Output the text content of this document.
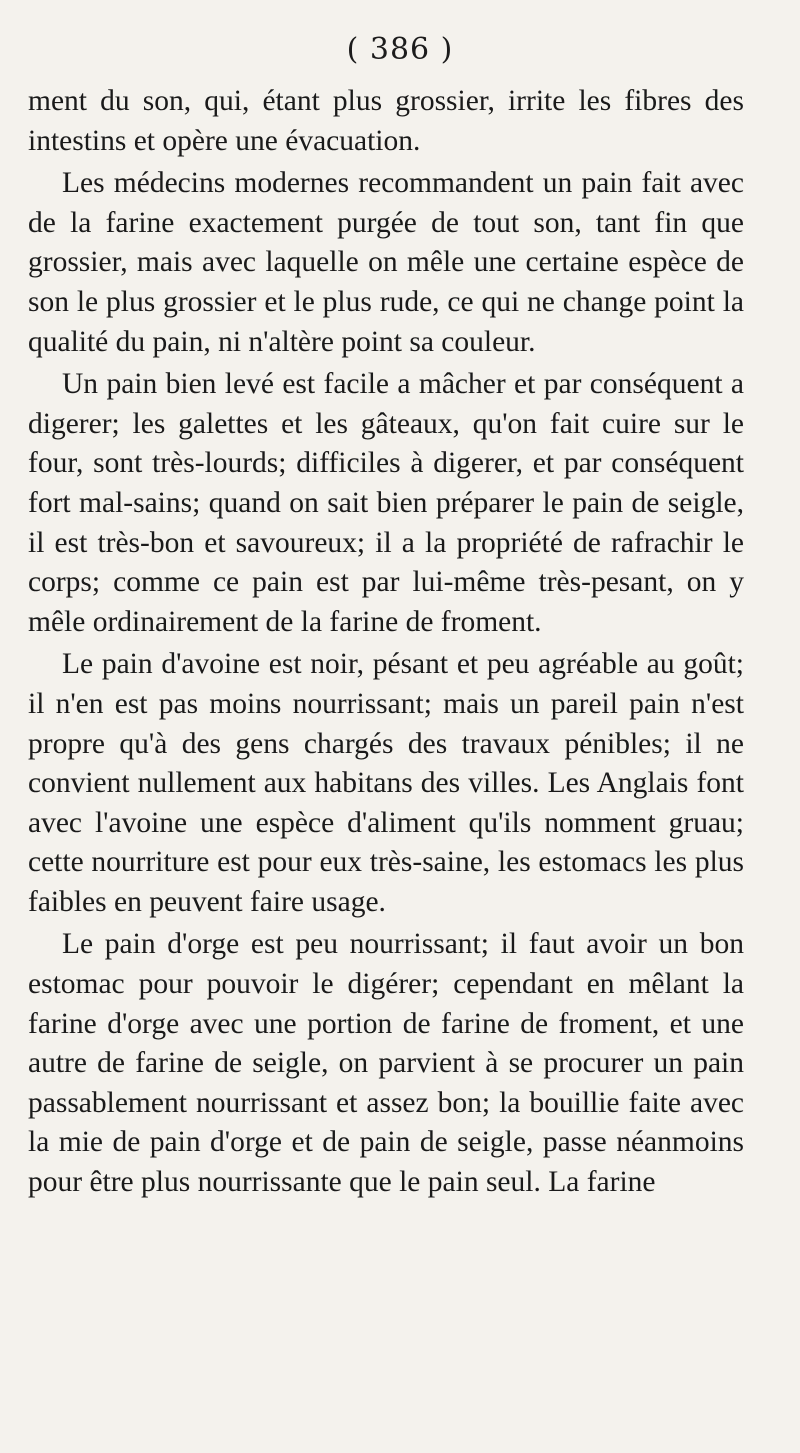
( 386 )

ment du son, qui, étant plus grossier, irrite les fibres des intestins et opère une évacuation.

Les médecins modernes recommandent un pain fait avec de la farine exactement purgée de tout son, tant fin que grossier, mais avec laquelle on mêle une certaine espèce de son le plus grossier et le plus rude, ce qui ne change point la qualité du pain, ni n'altère point sa couleur.

Un pain bien levé est facile a mâcher et par conséquent a digerer; les galettes et les gâteaux, qu'on fait cuire sur le four, sont très-lourds; difficiles à digerer, et par conséquent fort mal-sains; quand on sait bien préparer le pain de seigle, il est très-bon et savoureux; il a la propriété de rafrachir le corps; comme ce pain est par lui-même très-pesant, on y mêle ordinairement de la farine de froment.

Le pain d'avoine est noir, pésant et peu agréable au goût; il n'en est pas moins nourrissant; mais un pareil pain n'est propre qu'à des gens chargés des travaux pénibles; il ne convient nullement aux habitans des villes. Les Anglais font avec l'avoine une espèce d'aliment qu'ils nomment gruau; cette nourriture est pour eux très-saine, les estomacs les plus faibles en peuvent faire usage.

Le pain d'orge est peu nourrissant; il faut avoir un bon estomac pour pouvoir le digérer; cependant en mêlant la farine d'orge avec une portion de farine de froment, et une autre de farine de seigle, on parvient à se procurer un pain passablement nourrissant et assez bon; la bouillie faite avec la mie de pain d'orge et de pain de seigle, passe néanmoins pour être plus nourrissante que le pain seul. La farine
